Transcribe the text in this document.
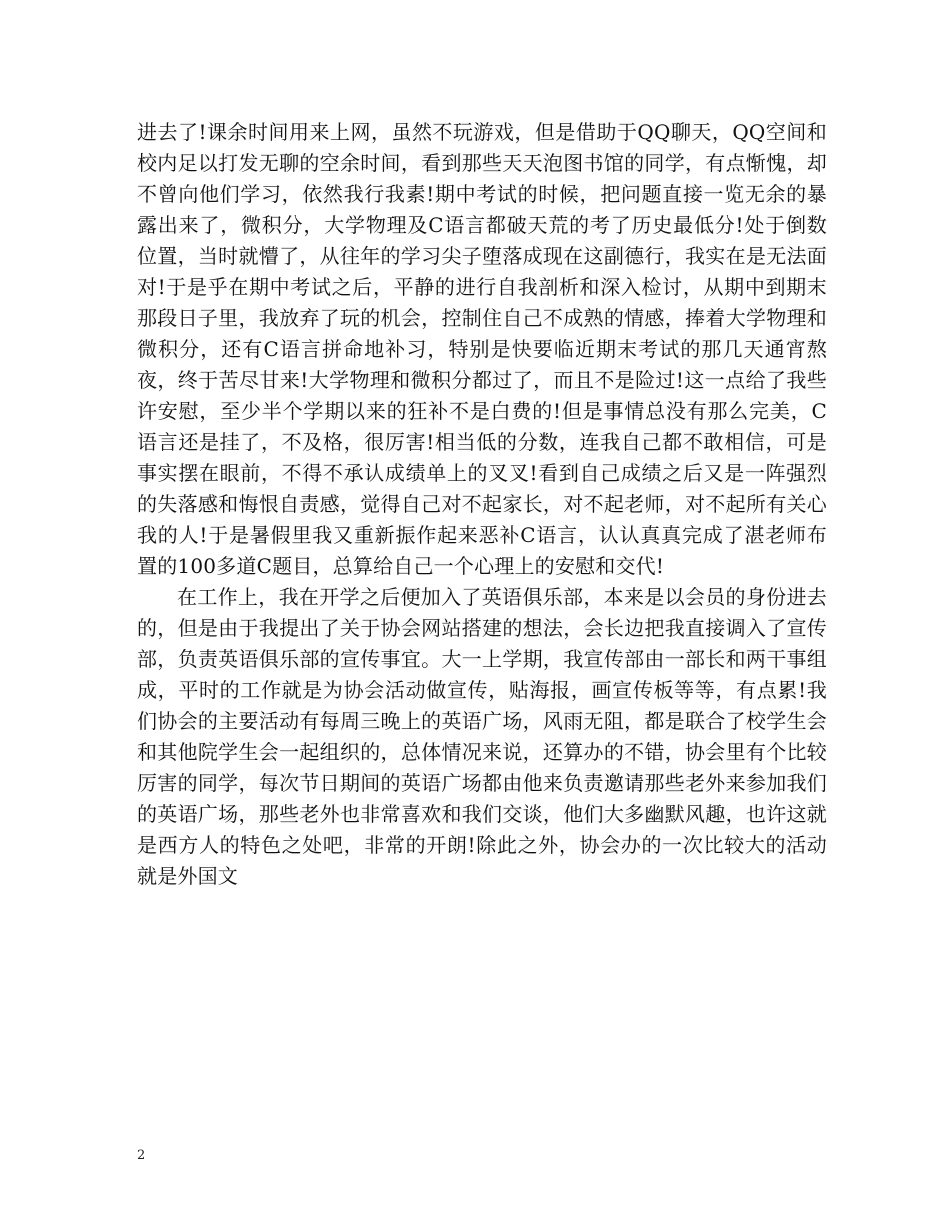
进去了!课余时间用来上网，虽然不玩游戏，但是借助于QQ聊天，QQ空间和校内足以打发无聊的空余时间，看到那些天天泡图书馆的同学，有点惭愧，却不曾向他们学习，依然我行我素!期中考试的时候，把问题直接一览无余的暴露出来了，微积分，大学物理及C语言都破天荒的考了历史最低分!处于倒数位置，当时就懵了，从往年的学习尖子堕落成现在这副德行，我实在是无法面对!于是乎在期中考试之后，平静的进行自我剖析和深入检讨，从期中到期末那段日子里，我放弃了玩的机会，控制住自己不成熟的情感，捧着大学物理和微积分，还有C语言拼命地补习，特别是快要临近期末考试的那几天通宵熬夜，终于苦尽甘来!大学物理和微积分都过了，而且不是险过!这一点给了我些许安慰，至少半个学期以来的狂补不是白费的!但是事情总没有那么完美，C语言还是挂了，不及格，很厉害!相当低的分数，连我自己都不敢相信，可是事实摆在眼前，不得不承认成绩单上的叉叉!看到自己成绩之后又是一阵强烈的失落感和悔恨自责感，觉得自己对不起家长，对不起老师，对不起所有关心我的人!于是暑假里我又重新振作起来恶补C语言，认认真真完成了湛老师布置的100多道C题目，总算给自己一个心理上的安慰和交代!

在工作上，我在开学之后便加入了英语俱乐部，本来是以会员的身份进去的，但是由于我提出了关于协会网站搭建的想法，会长边把我直接调入了宣传部，负责英语俱乐部的宣传事宜。大一上学期，我宣传部由一部长和两干事组成，平时的工作就是为协会活动做宣传，贴海报，画宣传板等等，有点累!我们协会的主要活动有每周三晚上的英语广场，风雨无阻，都是联合了校学生会和其他院学生会一起组织的，总体情况来说，还算办的不错，协会里有个比较厉害的同学，每次节日期间的英语广场都由他来负责邀请那些老外来参加我们的英语广场，那些老外也非常喜欢和我们交谈，他们大多幽默风趣，也许这就是西方人的特色之处吧，非常的开朗!除此之外，协会办的一次比较大的活动就是外国文

2
